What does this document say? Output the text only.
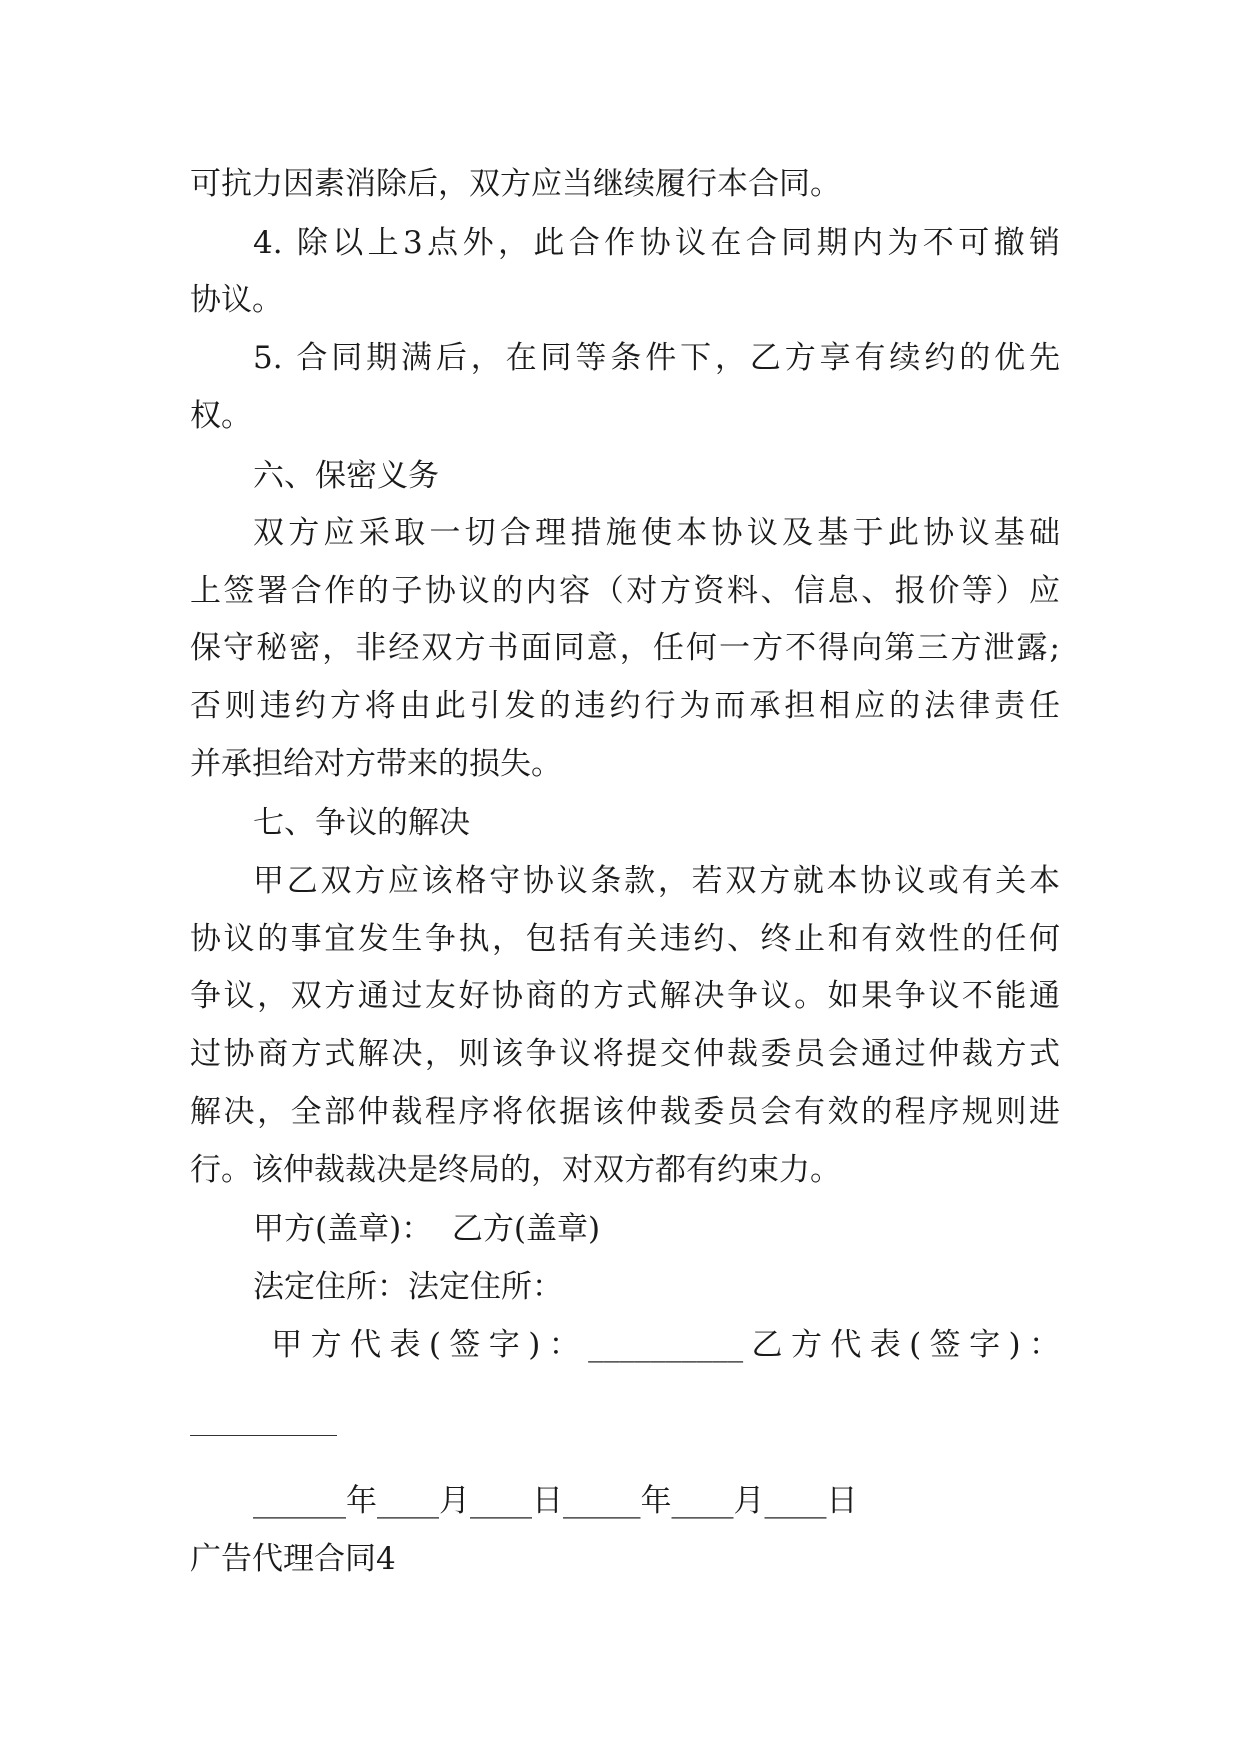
可抗力因素消除后，双方应当继续履行本合同。
4. 除以上3点外，此合作协议在合同期内为不可撤销
协议。
5. 合同期满后，在同等条件下，乙方享有续约的优先
权。
六、保密义务
双方应采取一切合理措施使本协议及基于此协议基础
上签署合作的子协议的内容（对方资料、信息、报价等）应
保守秘密，非经双方书面同意，任何一方不得向第三方泄露;
否则违约方将由此引发的违约行为而承担相应的法律责任
并承担给对方带来的损失。
七、争议的解决
甲乙双方应该格守协议条款，若双方就本协议或有关本
协议的事宜发生争执，包括有关违约、终止和有效性的任何
争议，双方通过友好协商的方式解决争议。如果争议不能通
过协商方式解决，则该争议将提交仲裁委员会通过仲裁方式
解决，全部仲裁程序将依据该仲裁委员会有效的程序规则进
行。该仲裁裁决是终局的，对双方都有约束力。
甲方(盖章)：  乙方(盖章)
法定住所：法定住所：
甲方代表(签字)：__________乙方代表(签字)：
______年____月____日_____年____月____日
广告代理合同4
